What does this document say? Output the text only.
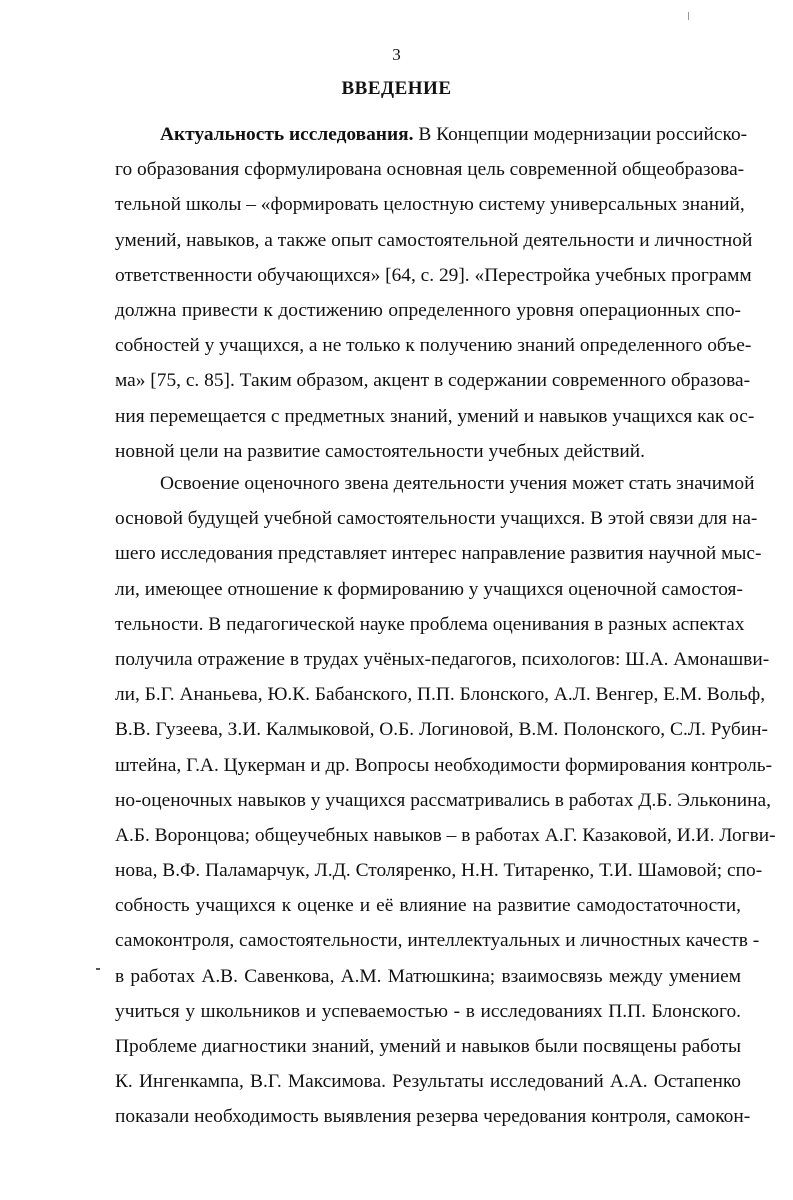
3
ВВЕДЕНИЕ
Актуальность исследования. В Концепции модернизации российско-
го образования сформулирована основная цель современной общеобразова-
тельной школы – «формировать целостную систему универсальных знаний,
умений, навыков, а также опыт самостоятельной деятельности и личностной
ответственности обучающихся» [64, с. 29]. «Перестройка учебных программ
должна привести к достижению определенного уровня операционных спо-
собностей у учащихся, а не только к получению знаний определенного объе-
ма» [75, с. 85]. Таким образом, акцент в содержании современного образова-
ния перемещается с предметных знаний, умений и навыков учащихся как ос-
новной цели на развитие самостоятельности учебных действий.
Освоение оценочного звена деятельности учения может стать значимой
основой будущей учебной самостоятельности учащихся. В этой связи для на-
шего исследования представляет интерес направление развития научной мыс-
ли, имеющее отношение к формированию у учащихся оценочной самостоя-
тельности. В педагогической науке проблема оценивания в разных аспектах
получила отражение в трудах учёных-педагогов, психологов: Ш.А. Амонашви-
ли, Б.Г. Ананьева, Ю.К. Бабанского, П.П. Блонского, А.Л. Венгер, Е.М. Вольф,
В.В. Гузеева, З.И. Калмыковой, О.Б. Логиновой, В.М. Полонского, С.Л. Рубин-
штейна, Г.А. Цукерман и др. Вопросы необходимости формирования контроль-
но-оценочных навыков у учащихся рассматривались в работах Д.Б. Эльконина,
А.Б. Воронцова; общеучебных навыков – в работах А.Г. Казаковой, И.И. Логви-
нова, В.Ф. Паламарчук, Л.Д. Столяренко, Н.Н. Титаренко, Т.И. Шамовой; спо-
собность учащихся к оценке и её влияние на развитие самодостаточности,
самоконтроля, самостоятельности, интеллектуальных и личностных качеств -
в работах А.В. Савенкова, А.М. Матюшкина; взаимосвязь между умением
учиться у школьников и успеваемостью - в исследованиях П.П. Блонского.
Проблеме диагностики знаний, умений и навыков были посвящены работы
К. Ингенкампа, В.Г. Максимова. Результаты исследований А.А. Остапенко
показали необходимость выявления резерва чередования контроля, самокон-
